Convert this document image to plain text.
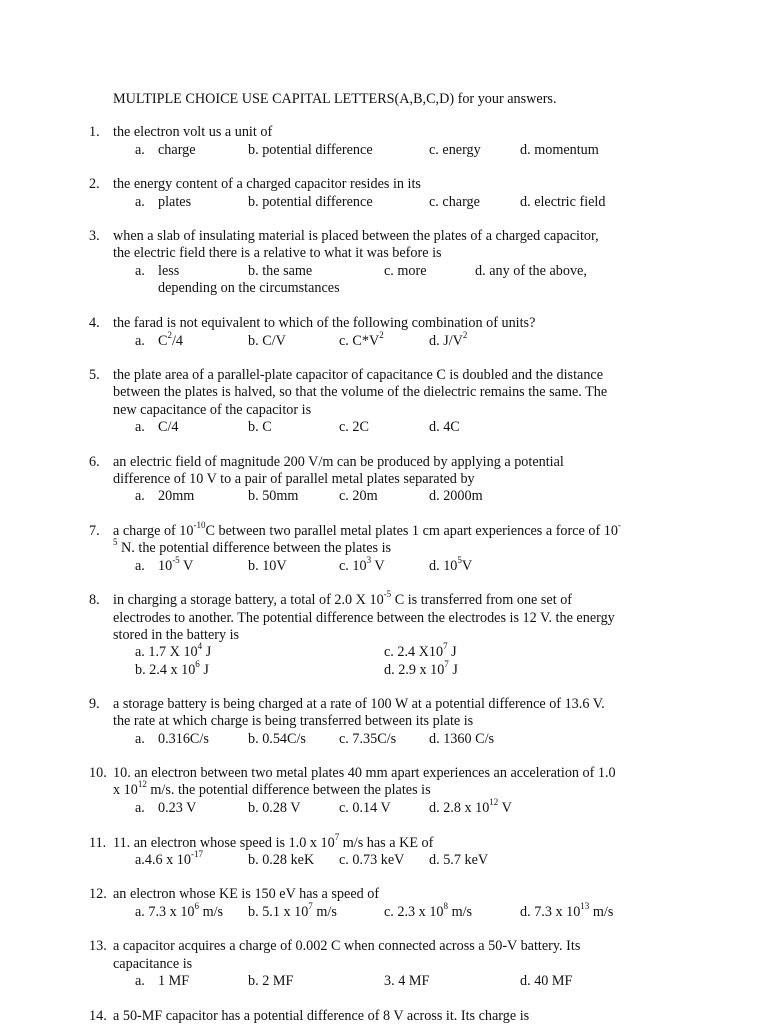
MULTIPLE CHOICE USE CAPITAL LETTERS(A,B,C,D) for your answers.
1. the electron volt us a unit of
a. charge	b. potential difference	c. energy	d. momentum
2. the energy content of a charged capacitor resides in its
a. plates	b. potential difference	c. charge	d. electric field
3. when a slab of insulating material is placed between the plates of a charged capacitor,
the electric field there is a relative to what it was before is
a. less	b. the same	c. more	d. any of the above,
depending on the circumstances
4. the farad is not equivalent to which of the following combination of units?
a. $C^2/4$	b. C/V	c. $C*V^2$	d. $J/V^2$
5. the plate area of a parallel-plate capacitor of capacitance C is doubled and the distance
between the plates is halved, so that the volume of the dielectric remains the same. The
new capacitance of the capacitor is
a. C/4	b. C	c. 2C	d. 4C
6. an electric field of magnitude 200 V/m can be produced by applying a potential
difference of 10 V to a pair of parallel metal plates separated by
a. 20mm	b. 50mm	c. 20m	d. 2000m
7. a charge of $10^{-10}C$ between two parallel metal plates 1 cm apart experiences a force of 10-
$^5$ N. the potential difference between the plates is
a. $10^{-5}$ V	b. 10V	c. $10^3$ V	d. $10^5V$
8. in charging a storage battery, a total of 2.0 X $10^{-5}$ C is transferred from one set of
electrodes to another. The potential difference between the electrodes is 12 V. the energy
stored in the battery is
a. 1.7 X $10^4$ J	c. 2.4 $X10^7$ J
b. 2.4 x $10^6$ J	d. 2.9 x $10^7$ J
9. a storage battery is being charged at a rate of 100 W at a potential difference of 13.6 V.
the rate at which charge is being transferred between its plate is
a. 0.316C/s	b. 0.54C/s c. 7.35C/s d. 1360 C/s
10. 10. an electron between two metal plates 40 mm apart experiences an acceleration of 1.0
x $10^{12}$ m/s. the potential difference between the plates is
a. 0.23 V	b. 0.28 V	c. 0.14 V	d. 2.8 x $10^{12}$ V
11. 11. an electron whose speed is 1.0 x $10^7$ m/s has a KE of
a.4.6 x $10^{-17}$	b. 0.28 keK c. 0.73 keV d. 5.7 keV
12. an electron whose KE is 150 eV has a speed of
a. 7.3 x $10^6$ m/s b. 5.1 x $10^7$ m/s	c. 2.3 x $10^8$ m/s	d. 7.3 x $10^{13}$ m/s
13. a capacitor acquires a charge of 0.002 C when connected across a 50-V battery. Its
capacitance is
a. 1 MF	b. 2 MF	3. 4 MF	d. 40 MF
14. a 50-MF capacitor has a potential difference of 8 V across it. Its charge is
